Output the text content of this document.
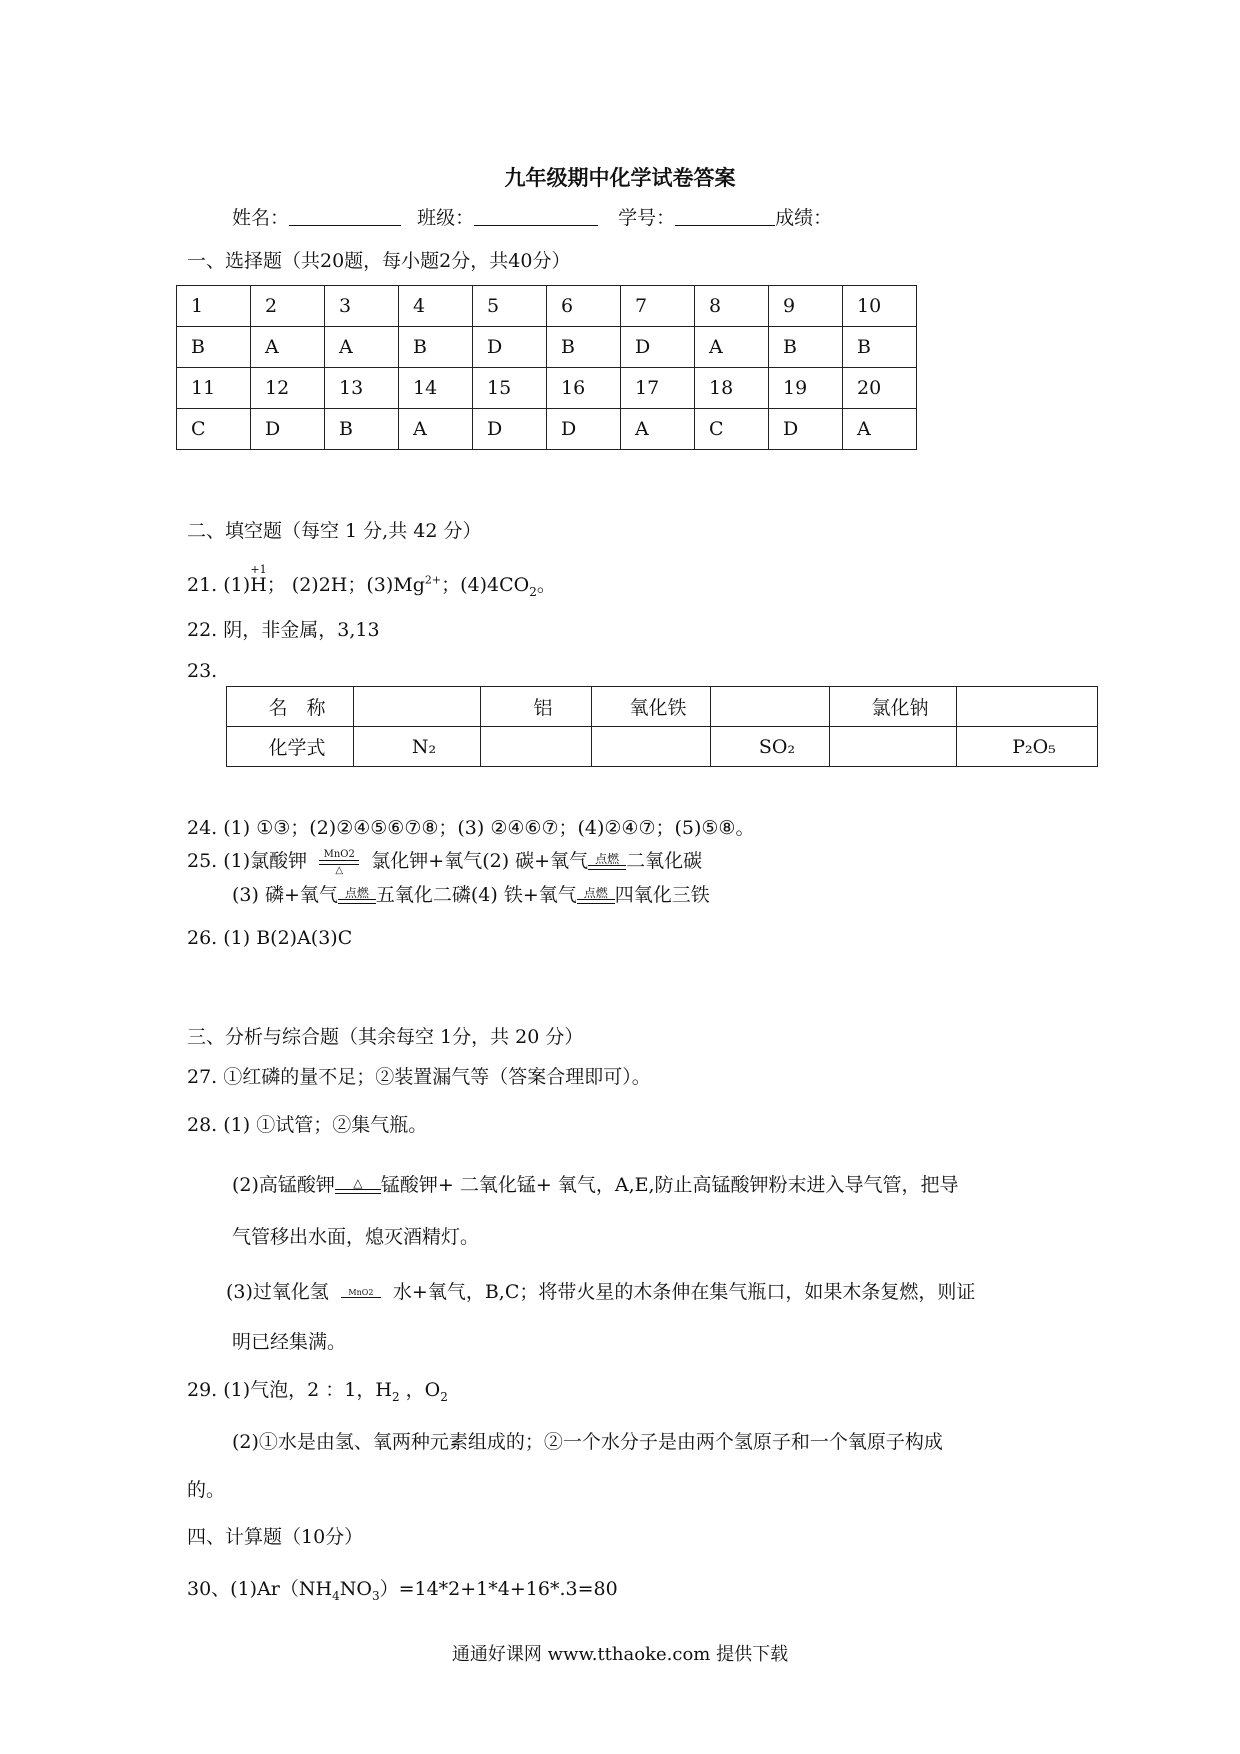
九年级期中化学试卷答案
姓名：	班级：	学号：	成绩：
一、选择题（共20题，每小题2分，共40分）
1	2	3	4	5	6	7	8	9	10
B	A	A	B	D	B	D	A	B	B
11	12	13	14	15	16	17	18	19	20
C	D	B	A	D	D	A	C	D	A
二、填空题（每空 1 分,共 42 分）
21. (1)
+1
H； (2)2H；$(3)Mg^{2+}$；$(4)4CO_2$。
22. 阴，非金属，3,13
23.
名　称		铝	氧化铁		氯化钠	
化学式	N₂			SO₂		P₂O₅
24. (1) ①③；(2)②④⑤⑥⑦⑧；(3) ②④⑥⑦；(4)②④⑦；(5)⑤⑧。
25. (1)氯酸钾	MnO2
△	氯化钾+氧气(2) 碳+氧气 点燃 二氧化碳
(3) 磷+氧气 点燃 五氧化二磷(4) 铁+氧气 点燃 四氧化三铁
26. (1) B(2)A(3)C
三、分析与综合题（其余每空 1分，共 20 分）
27. ①红磷的量不足；②装置漏气等（答案合理即可）。
28. (1) ①试管；②集气瓶。
(2)高锰酸钾	△ 锰酸钾+ 二氧化锰+ 氧气，A,E,防止高锰酸钾粉末进入导气管，把导
气管移出水面，熄灭酒精灯。
(3)过氧化氢	MnO2	水+氧气，B,C；将带火星的木条伸在集气瓶口，如果木条复燃，则证
明已经集满。
29. (1)气泡，2 ：1，$H_2$ ，$O_2$
(2)①水是由氢、氧两种元素组成的；②一个水分子是由两个氢原子和一个氧原子构成
的。
四、计算题（10分）
30、$(1)Ar(NH_4NO_3)=14*2+1*4+16*.3=80$
通通好课网 www.tthaoke.com 提供下载
